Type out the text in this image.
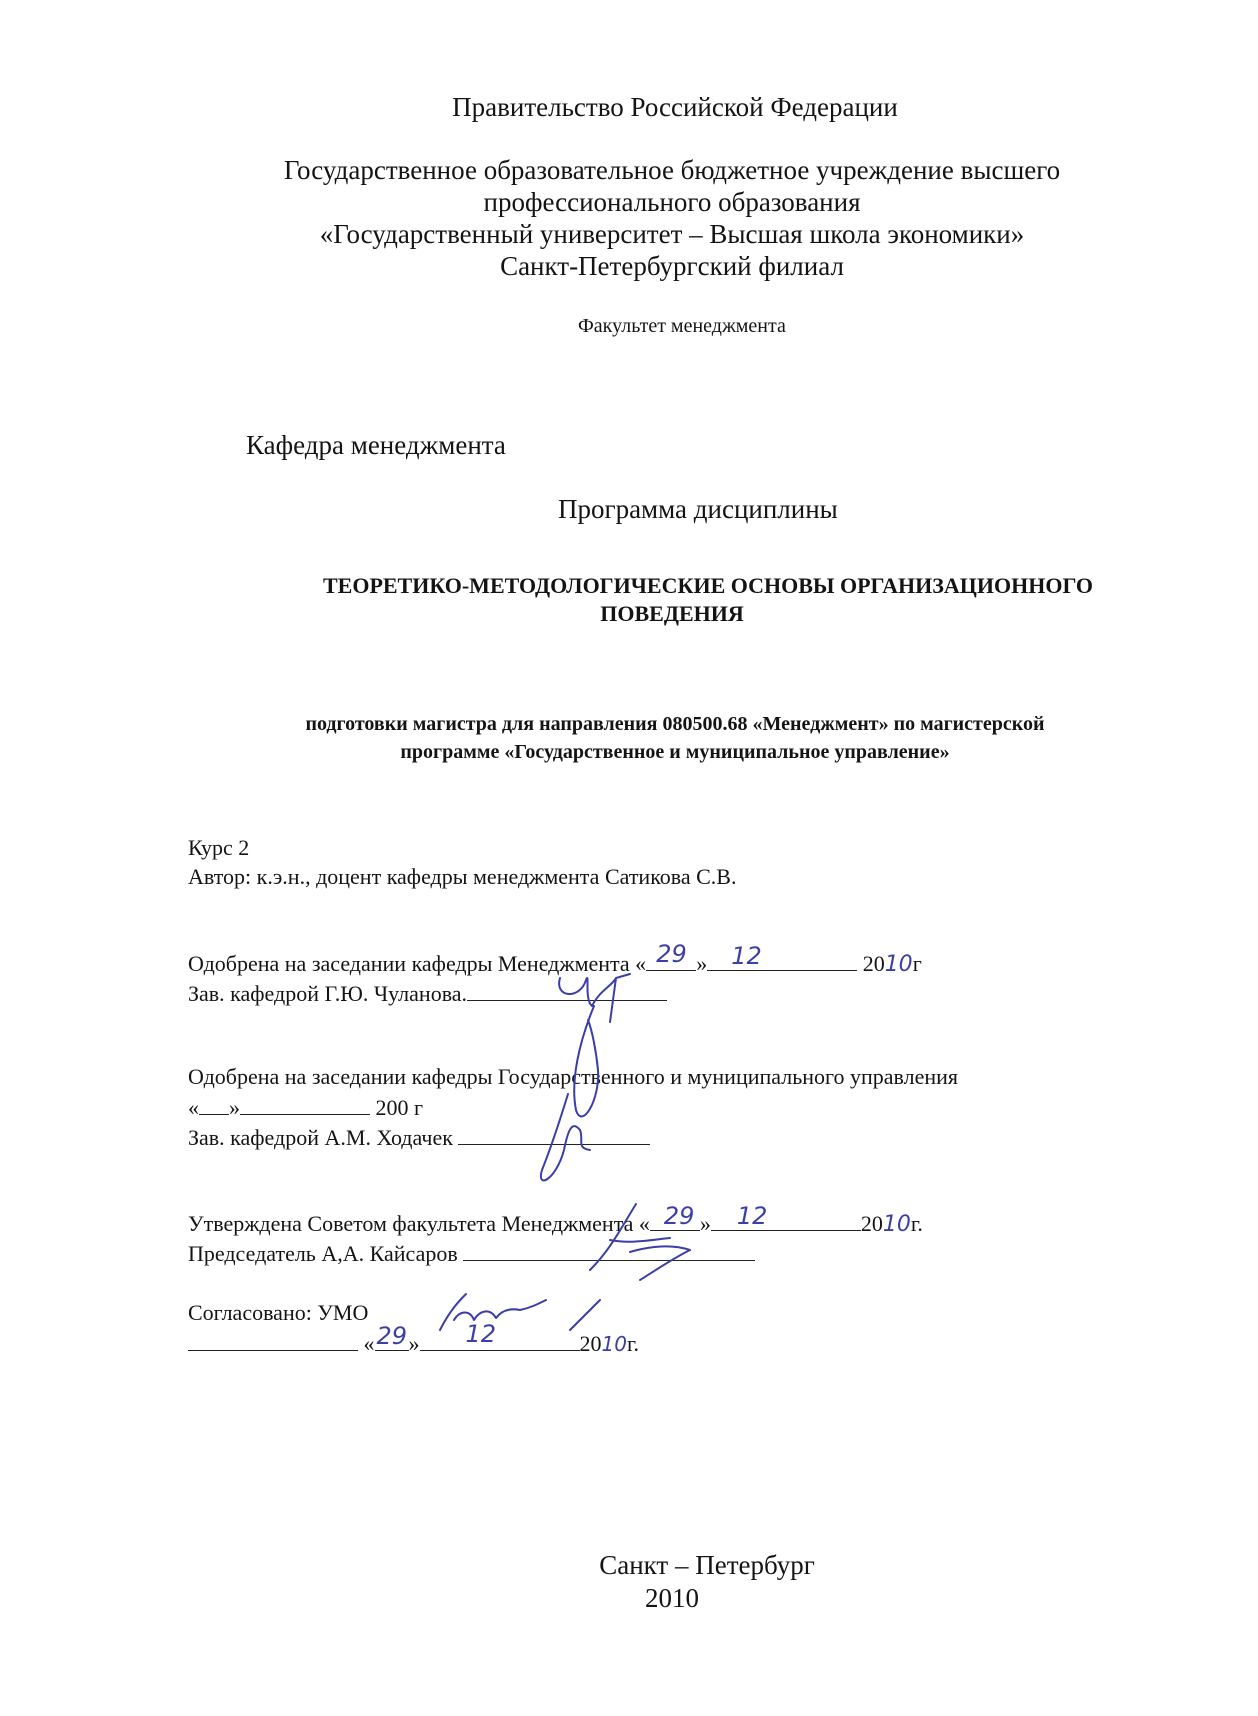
Правительство Российской Федерации
Государственное образовательное бюджетное учреждение высшего
профессионального образования
«Государственный университет – Высшая школа экономики»
Санкт-Петербургский филиал
Факультет менеджмента
Кафедра менеджмента
Программа дисциплины
ТЕОРЕТИКО-МЕТОДОЛОГИЧЕСКИЕ ОСНОВЫ ОРГАНИЗАЦИОННОГО
ПОВЕДЕНИЯ
подготовки магистра для направления 080500.68 «Менеджмент» по магистерской
программе «Государственное и муниципальное управление»
Курс 2
Автор: к.э.н., доцент кафедры менеджмента Сатикова С.В.
Одобрена на заседании кафедры Менеджмента « 29 » 12	2010г
Зав. кафедрой Г.Ю. Чуланова.
Одобрена на заседании кафедры Государственного и муниципального управления
« »	200 г
Зав. кафедрой А.М. Ходачек
Утверждена Советом факультета Менеджмента « 29 » 12	2010г.
Председатель А,А. Кайсаров
Согласовано: УМО
« 29 » 12	2010г.
Санкт – Петербург
2010
